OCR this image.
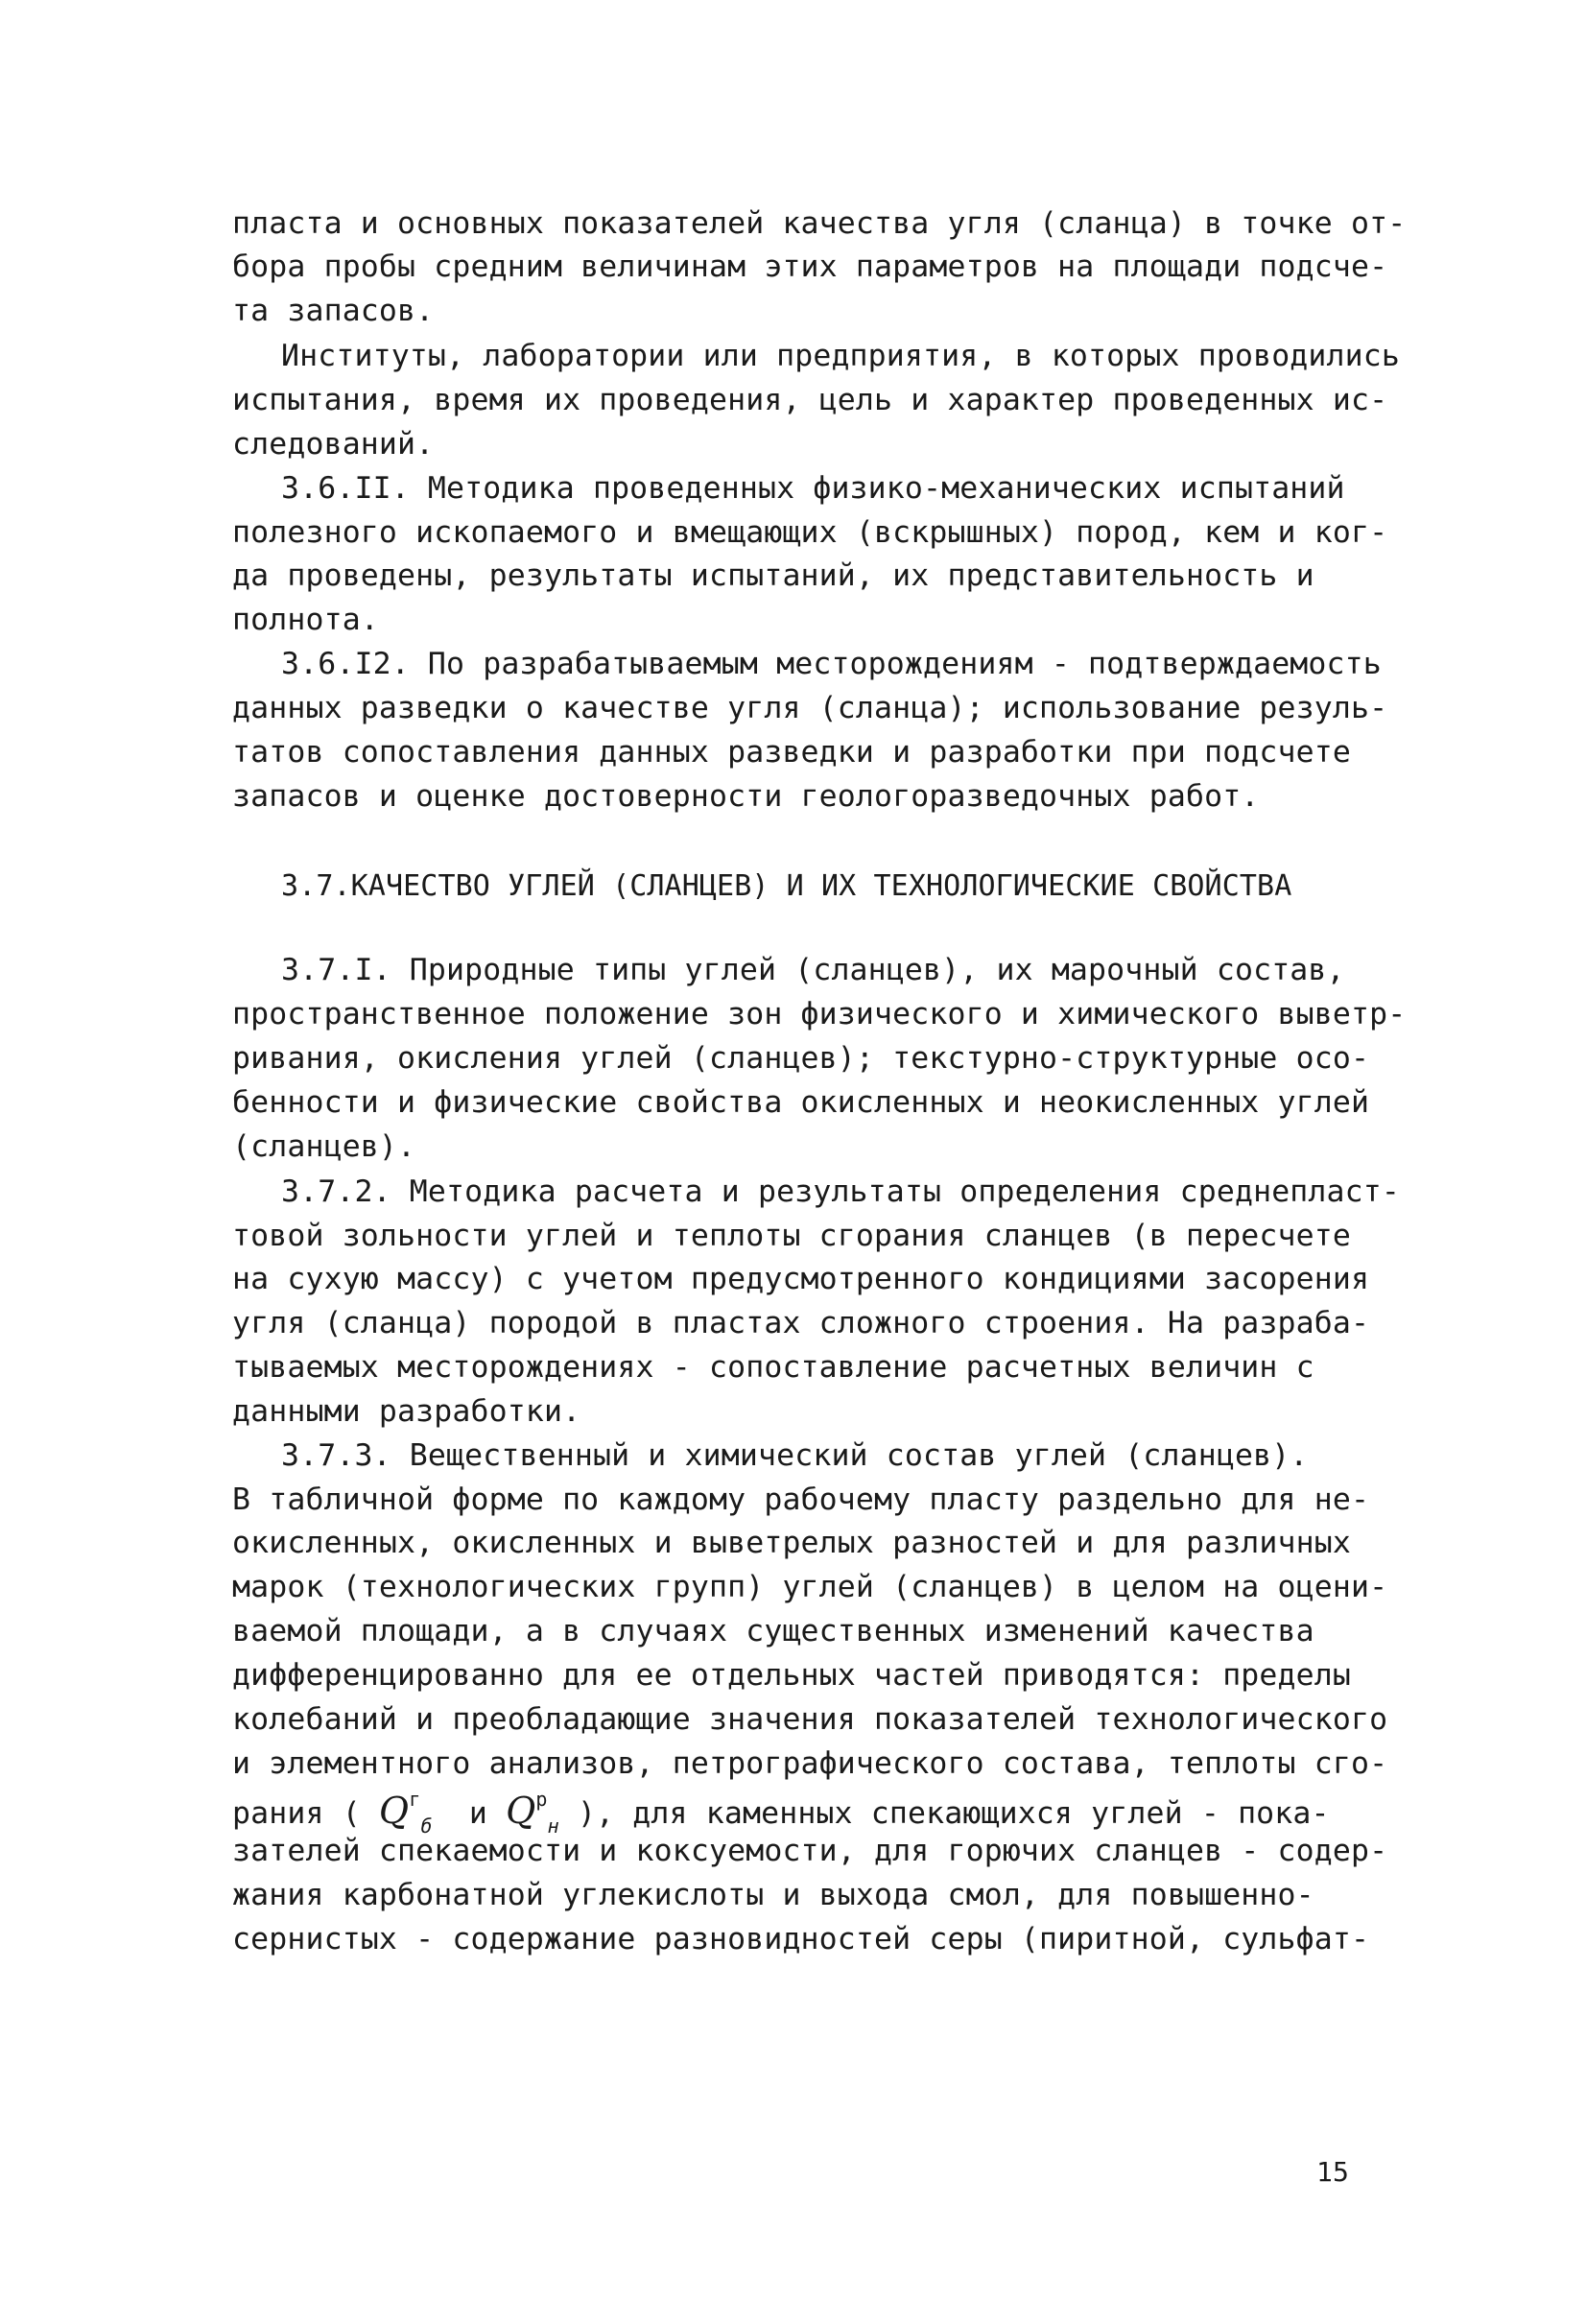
пласта и основных показателей качества угля (сланца) в точке от-
бора пробы средним величинам этих параметров на площади подсче-
та запасов.
Институты, лаборатории или предприятия, в которых проводились
испытания, время их проведения, цель и характер проведенных ис-
следований.
3.6.II. Методика проведенных физико-механических испытаний
полезного ископаемого и вмещающих (вскрышных) пород, кем и ког-
да проведены, результаты испытаний, их представительность и
полнота.
3.6.I2. По разрабатываемым месторождениям - подтверждаемость
данных разведки о качестве угля (сланца); использование резуль-
татов сопоставления данных разведки и разработки при подсчете
запасов и оценке достоверности геологоразведочных работ.
3.7.КАЧЕСТВО УГЛЕЙ (СЛАНЦЕВ) И ИХ ТЕХНОЛОГИЧЕСКИЕ СВОЙСТВА
3.7.I. Природные типы углей (сланцев), их марочный состав,
пространственное положение зон физического и химического выветр-
ривания, окисления углей (сланцев); текстурно-структурные осо-
бенности и физические свойства окисленных и неокисленных углей
(сланцев).
3.7.2. Методика расчета и результаты определения среднепласт-
товой зольности углей и теплоты сгорания сланцев (в пересчете
на сухую массу) с учетом предусмотренного кондициями засорения
угля (сланца) породой в пластах сложного строения. На разраба-
тываемых месторождениях - сопоставление расчетных величин с
данными разработки.
3.7.3. Вещественный и химический состав углей (сланцев).
В табличной форме по каждому рабочему пласту раздельно для не-
окисленных, окисленных и выветрелых разностей и для различных
марок (технологических групп) углей (сланцев) в целом на оцени-
ваемой площади, а в случаях существенных изменений качества
дифференцированно для ее отдельных частей приводятся: пределы
колебаний и преобладающие значения показателей технологического
и элементного анализов, петрографического состава, теплоты сго-
рания ( $Q^г_б$  и $Q^р_н$ ), для каменных спекающихся углей - пока-
зателей спекаемости и коксуемости, для горючих сланцев - содер-
жания карбонатной углекислоты и выхода смол, для повышенно-
сернистых - содержание разновидностей серы (пиритной, сульфат-
15
